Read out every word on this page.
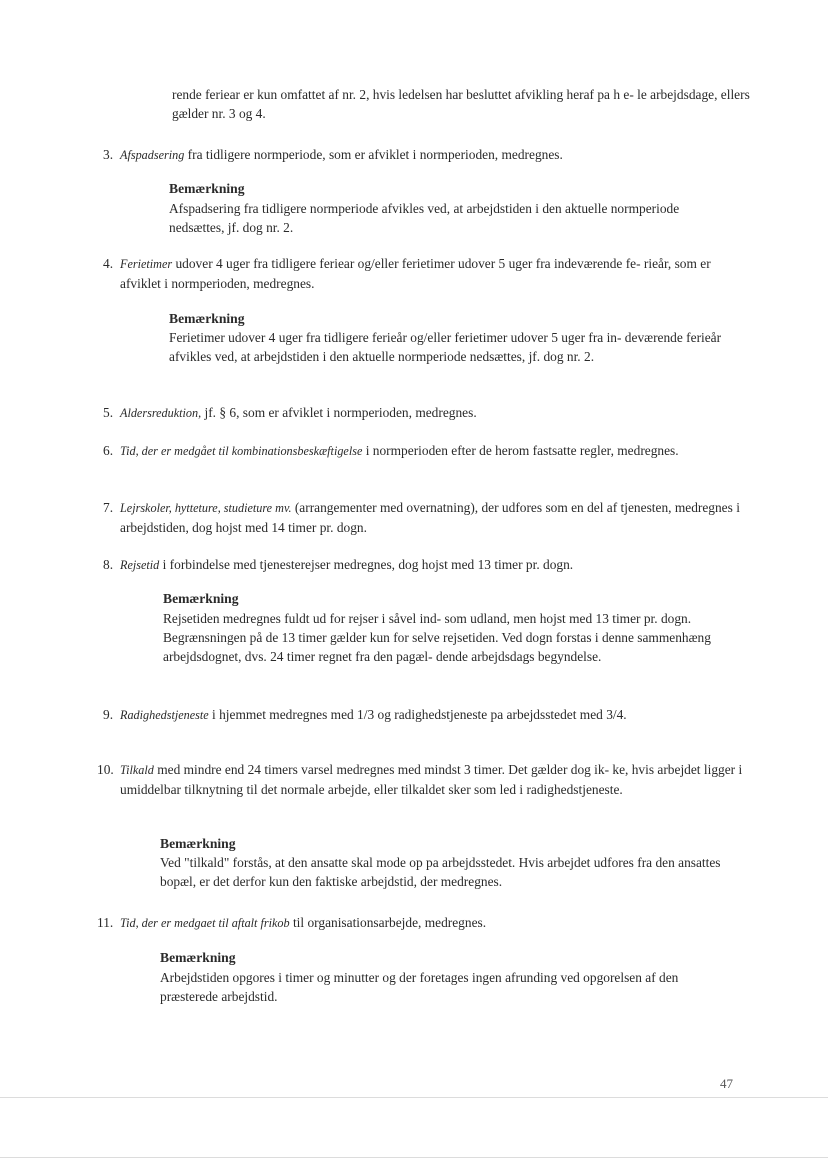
rende feriear er kun omfattet af nr. 2, hvis ledelsen har besluttet afvikling heraf pa h e- le arbejdsdage, ellers gælder nr. 3 og 4.

3. Afspadsering fra tidligere normperiode, som er afviklet i normperioden, medregnes.

Bemærkning

Afspadsering fra tidligere normperiode afvikles ved, at arbejdstiden i den aktuelle normperiode nedsættes, jf. dog nr. 2.

4. Ferietimer udover 4 uger fra tidligere feriear og/eller ferietimer udover 5 uger fra indeværende fe- rieår, som er afviklet i normperioden, medregnes.

Bemærkning

Ferietimer udover 4 uger fra tidligere ferieår og/eller ferietimer udover 5 uger fra in- deværende ferieår afvikles ved, at arbejdstiden i den aktuelle normperiode nedsættes, jf. dog nr. 2.

5. Aldersreduktion, jf. § 6, som er afviklet i normperioden, medregnes.

6. Tid, der er medgået til kombinationsbeskæftigelse i normperioden efter de herom fastsatte regler, medregnes.

7. Lejrskoler, hytteture, studieture mv. (arrangementer med overnatning), der udfores som en del af tjenesten, medregnes i arbejdstiden, dog hojst med 14 timer pr. dogn.

8. Rejsetid i forbindelse med tjenesterejser medregnes, dog hojst med 13 timer pr. dogn.

Bemærkning

Rejsetiden medregnes fuldt ud for rejser i såvel ind- som udland, men hojst med 13 timer pr. dogn. Begrænsningen på de 13 timer gælder kun for selve rejsetiden. Ved dogn forstas i denne sammenhæng arbejdsdognet, dvs. 24 timer regnet fra den pagæl- dende arbejdsdags begyndelse.

9. Radighedstjeneste i hjemmet medregnes med 1/3 og radighedstjeneste pa arbejdsstedet med 3/4.

10. Tilkald med mindre end 24 timers varsel medregnes med mindst 3 timer. Det gælder dog ik- ke, hvis arbejdet ligger i umiddelbar tilknytning til det normale arbejde, eller tilkaldet sker som led i radighedstjeneste.

Bemærkning

Ved "tilkald" forstås, at den ansatte skal mode op pa arbejdsstedet. Hvis arbejdet udfores fra den ansattes bopæl, er det derfor kun den faktiske arbejdstid, der medregnes.

11. Tid, der er medgaet til aftalt frikob til organisationsarbejde, medregnes.

Bemærkning

Arbejdstiden opgores i timer og minutter og der foretages ingen afrunding ved opgorelsen af den præsterede arbejdstid.

47
